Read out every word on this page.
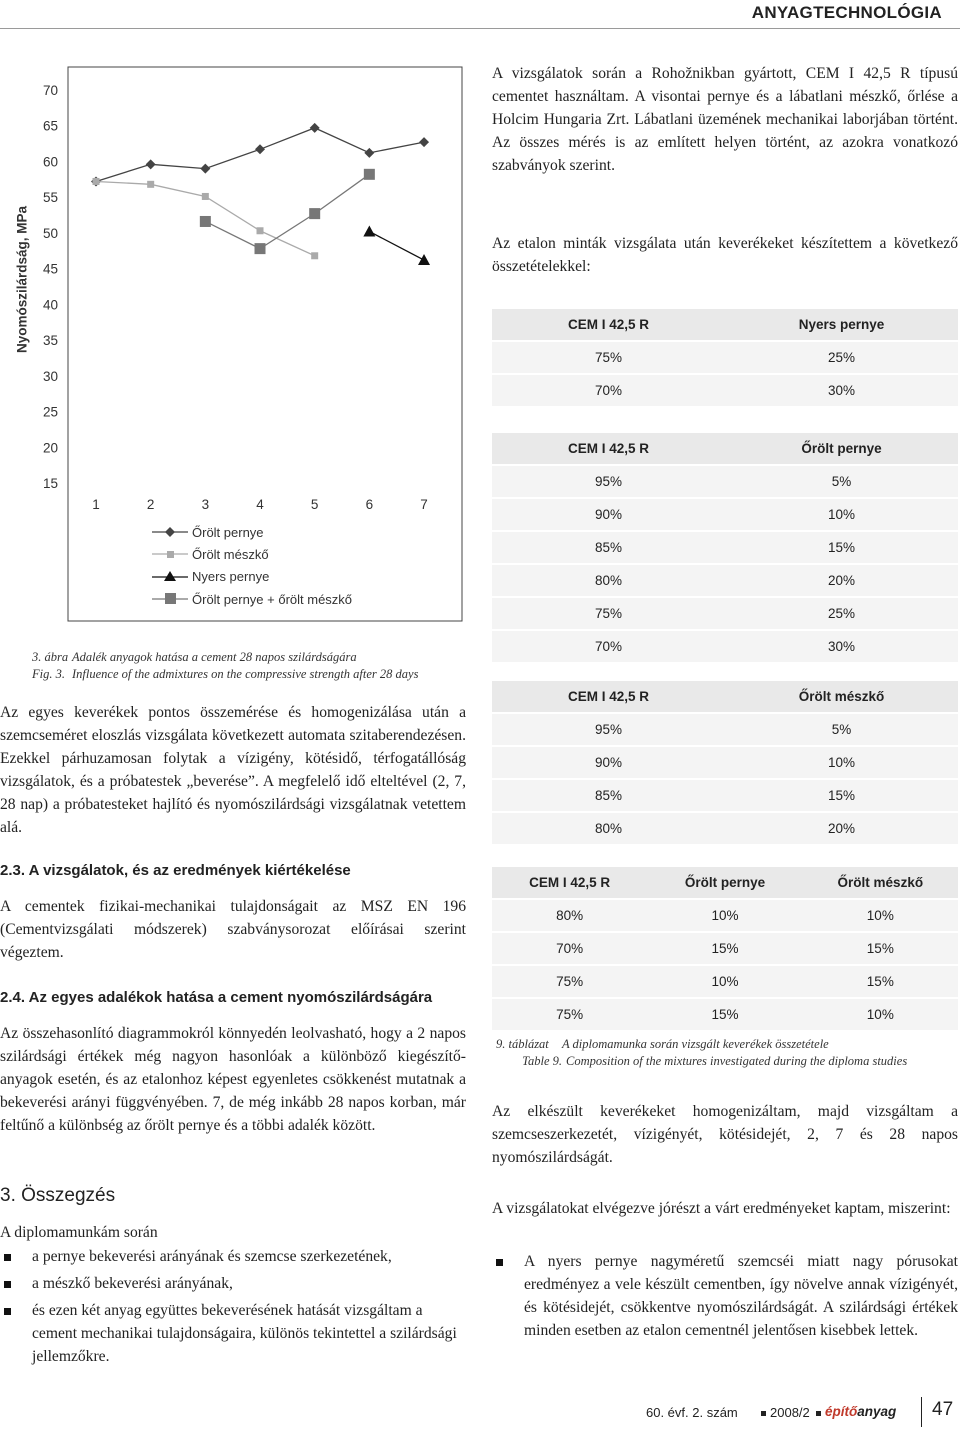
ANYAGTECHNOLÓGIA
Nyomószilárdság, MPa
70
65
60
55
50
45
40
35
30
25
20
15
1	2	3	4	5	6	7
Őrölt pernye
Őrölt mészkő
Nyers pernye
Őrölt pernye + őrölt mészkő
3. ábra Adalék anyagok hatása a cement 28 napos szilárdságára
Fig. 3. Influence of the admixtures on the compressive strength after 28 days

Az egyes keverékek pontos összemérése és homogenizálása után a szemcseméret eloszlás vizsgálata következett automata szitaberendezésen. Ezekkel párhuzamosan folytak a vízigény, kötésidő, térfogatállóság vizsgálatok, és a próbatestek „beverése”. A megfelelő idő elteltével (2, 7, 28 nap) a próbatesteket hajlító és nyomószilárdsági vizsgálatnak vetettem alá.

2.3. A vizsgálatok, és az eredmények kiértékelése

A cementek fizikai-mechanikai tulajdonságait az MSZ EN 196 (Cementvizsgálati módszerek) szabványsorozat előírásai szerint végeztem.

2.4. Az egyes adalékok hatása a cement nyomószilárdságára

Az összehasonlító diagrammokról könnyedén leolvasható, hogy a 2 napos szilárdsági értékek még nagyon hasonlóak a különböző kiegészítő-anyagok esetén, és az etalonhoz képest egyenletes csökkenést mutatnak a bekeverési arányi függvényében. 7, de még inkább 28 napos korban, már feltűnő a különbség az őrölt pernye és a többi adalék között.

3. Összegzés

A diplomamunkám során

a pernye bekeverési arányának és szemcse szerkezetének,
a mészkő bekeverési arányának,
és ezen két anyag együttes bekeverésének hatását vizsgáltam a cement mechanikai tulajdonságaira, különös tekintettel a szilárdsági jellemzőkre.

A vizsgálatok során a Rohožnikban gyártott, CEM I 42,5 R típusú cementet használtam. A visontai pernye és a lábatlani mészkő, őrlése a Holcim Hungaria Zrt. Lábatlani üzemének mechanikai laborjában történt. Az összes mérés is az említett helyen történt, az azokra vonatkozó szabványok szerint.

Az etalon minták vizsgálata után keverékeket készítettem a következő összetételekkel:

CEM I 42,5 R	Nyers pernye
75%	25%
70%	30%
CEM I 42,5 R	Őrölt pernye
95%	5%
90%	10%
85%	15%
80%	20%
75%	25%
70%	30%
CEM I 42,5 R	Őrölt mészkő
95%	5%
90%	10%
85%	15%
80%	20%
CEM I 42,5 R	Őrölt pernye	Őrölt mészkő
80%	10%	10%
70%	15%	15%
75%	10%	15%
75%	15%	10%
9. táblázat A diplomamunka során vizsgált keverékek összetétele
Table 9. Composition of the mixtures investigated during the diploma studies

Az elkészült keverékeket homogenizáltam, majd vizsgáltam a szemcseszerkezetét, vízigényét, kötésidejét, 2, 7 és 28 napos nyomószilárdságát.

A vizsgálatokat elvégezve jórészt a várt eredményeket kaptam, miszerint:

A nyers pernye nagyméretű szemcséi miatt nagy pórusokat eredményez a vele készült cementben, így növelve annak vízigényét, és kötésidejét, csökkentve nyomószilárdságát. A szilárdsági értékek minden esetben az etalon cementnél jelentősen kisebbek lettek.
60. évf. 2. szám 2008/2 építőanyag 47
